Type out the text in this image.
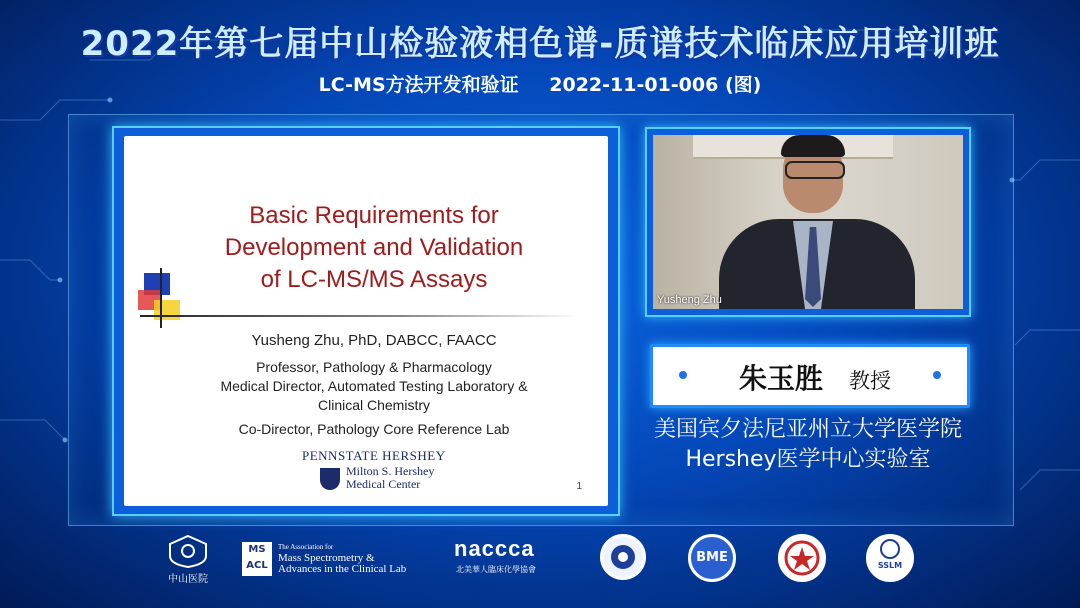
2022年第七届中山检验液相色谱-质谱技术临床应用培训班
LC-MS方法开发和验证 2022-11-01-006 (图)
Basic Requirements for
Development and Validation
of LC-MS/MS Assays
Yusheng Zhu, PhD, DABCC, FAACC
Professor, Pathology & Pharmacology
Medical Director, Automated Testing Laboratory &
Clinical Chemistry
Co-Director, Pathology Core Reference Lab
PENNSTATE HERSHEY
Milton S. Hershey
Medical Center	1
Yusheng Zhu
朱玉胜 教授
美国宾夕法尼亚州立大学医学院
Hershey医学中心实验室
中山医院
MS
ACL
The Association for
Mass Spectrometry &
Advances in the Clinical Lab
naccca
北美華人臨床化學協會
BME
SSLM
